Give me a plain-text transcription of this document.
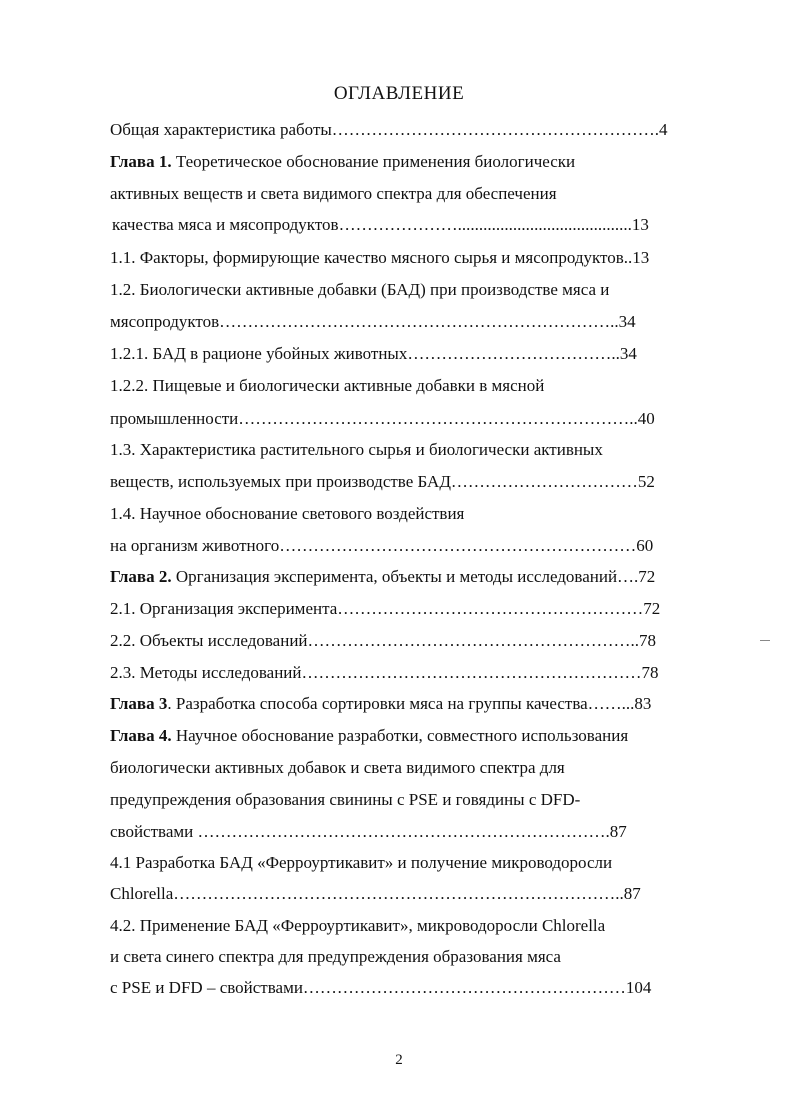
ОГЛАВЛЕНИЕ
Общая характеристика работы………………………………………………….4
Глава 1. Теоретическое обоснование применения биологически
активных веществ и света видимого спектра для обеспечения
качества мяса и мясопродуктов………………….........................................13
1.1. Факторы, формирующие качество мясного сырья и мясопродуктов..13
1.2. Биологически активные добавки (БАД) при производстве мяса и
мясопродуктов……………………………………………………………..34
1.2.1. БАД в рационе убойных животных………………………………..34
1.2.2. Пищевые и биологически активные добавки в мясной
промышленности……………………………………………………………..40
1.3. Характеристика растительного сырья и биологически активных
веществ, используемых при производстве БАД……………………………52
1.4. Научное обоснование светового воздействия
на организм животного………………………………………………………60
Глава 2. Организация эксперимента, объекты и методы исследований….72
2.1. Организация эксперимента………………………………………………72
2.2. Объекты исследований…………………………………………………..78
2.3. Методы исследований……………………………………………………78
Глава 3. Разработка способа сортировки мяса на группы качества……...83
Глава 4. Научное обоснование разработки, совместного использования
биологически активных добавок и света видимого спектра для
предупреждения образования свинины с PSE и говядины с DFD-
свойствами ……………………………………………………………….87
4.1 Разработка БАД «Ферроуртикавит» и получение микроводоросли
Chlorella……………………………………………………………………..87
4.2. Применение БАД «Ферроуртикавит», микроводоросли Chlorella
и света синего спектра для предупреждения образования мяса
с PSE и DFD – свойствами…………………………………………………104
2
